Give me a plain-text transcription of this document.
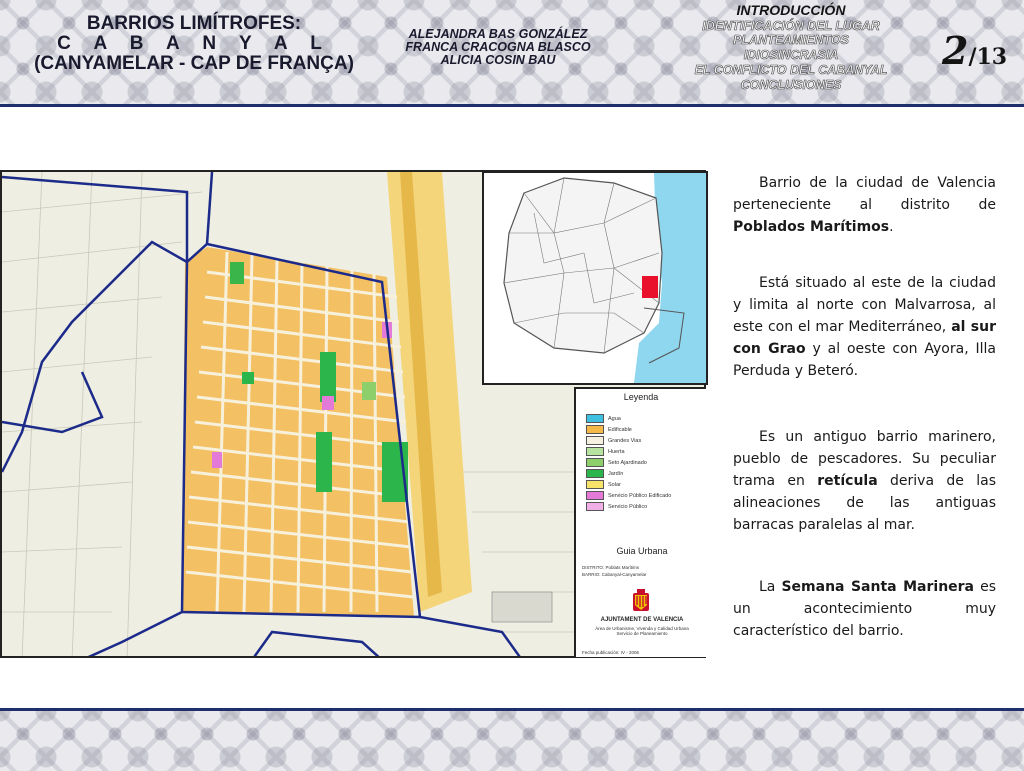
BARRIOS LIMÍTROFES:
C A B A N Y A L
(CANYAMELAR - CAP DE FRANÇA)
ALEJANDRA BAS GONZÁLEZ
FRANCA CRACOGNA BLASCO
ALICIA COSIN BAU
INTRODUCCIÓN
IDENTIFICACIÓN DEL LUGAR
PLANTEAMIENTOS
IDIOSINCRASIA
EL CONFLICTO DEL CABANYAL
CONCLUSIONES
2/13
Leyenda
Agua
Edificable
Grandes Vias
Huerta
Seto Ajardinado
Jardín
Solar
Servicio Público Edificado
Servicio Público
Guia Urbana
DISTRITO: Poblats Marítims
BARRIO: Cabanyal-Canyamelar
AJUNTAMENT DE VALENCIA
Àrea de Urbanisme, Vivenda y Calidad Urbana
Servicio de Planeamiento
Fecha publicación: IV - 2006

Barrio de la ciudad de Valencia perteneciente al distrito de Poblados Marítimos.

Está situado al este de la ciudad y limita al norte con Malvarrosa, al este con el mar Mediterráneo, al sur con Grao y al oeste con Ayora, Illa Perduda y Beteró.

Es un antiguo barrio marinero, pueblo de pescadores. Su peculiar trama en retícula deriva de las alineaciones de las antiguas barracas paralelas al mar.

La Semana Santa Marinera es un acontecimiento muy característico del barrio.
